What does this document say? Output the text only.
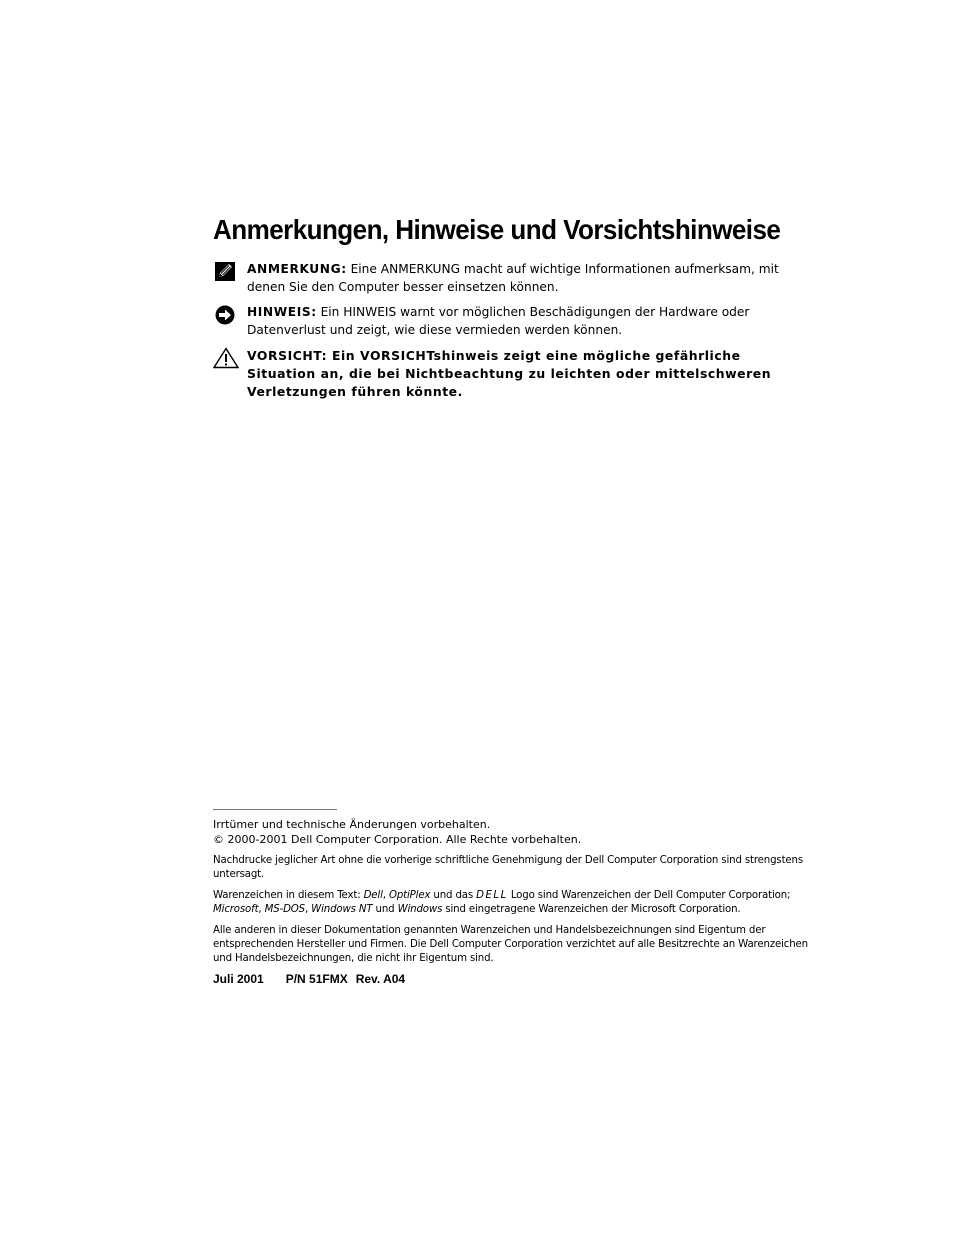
Anmerkungen, Hinweise und Vorsichtshinweise
ANMERKUNG: Eine ANMERKUNG macht auf wichtige Informationen aufmerksam, mit denen Sie den Computer besser einsetzen können.
HINWEIS: Ein HINWEIS warnt vor möglichen Beschädigungen der Hardware oder Datenverlust und zeigt, wie diese vermieden werden können.
VORSICHT: Ein VORSICHTshinweis zeigt eine mögliche gefährliche Situation an, die bei Nichtbeachtung zu leichten oder mittelschweren Verletzungen führen könnte.

Irrtümer und technische Änderungen vorbehalten.

© 2000-2001 Dell Computer Corporation. Alle Rechte vorbehalten.

Nachdrucke jeglicher Art ohne die vorherige schriftliche Genehmigung der Dell Computer Corporation sind strengstens untersagt.

Warenzeichen in diesem Text: Dell, OptiPlex und das DELL Logo sind Warenzeichen der Dell Computer Corporation; Microsoft, MS-DOS, Windows NT und Windows sind eingetragene Warenzeichen der Microsoft Corporation.

Alle anderen in dieser Dokumentation genannten Warenzeichen und Handelsbezeichnungen sind Eigentum der entsprechenden Hersteller und Firmen. Die Dell Computer Corporation verzichtet auf alle Besitzrechte an Warenzeichen und Handelsbezeichnungen, die nicht ihr Eigentum sind.

Juli 2001 P/N 51FMX Rev. A04
